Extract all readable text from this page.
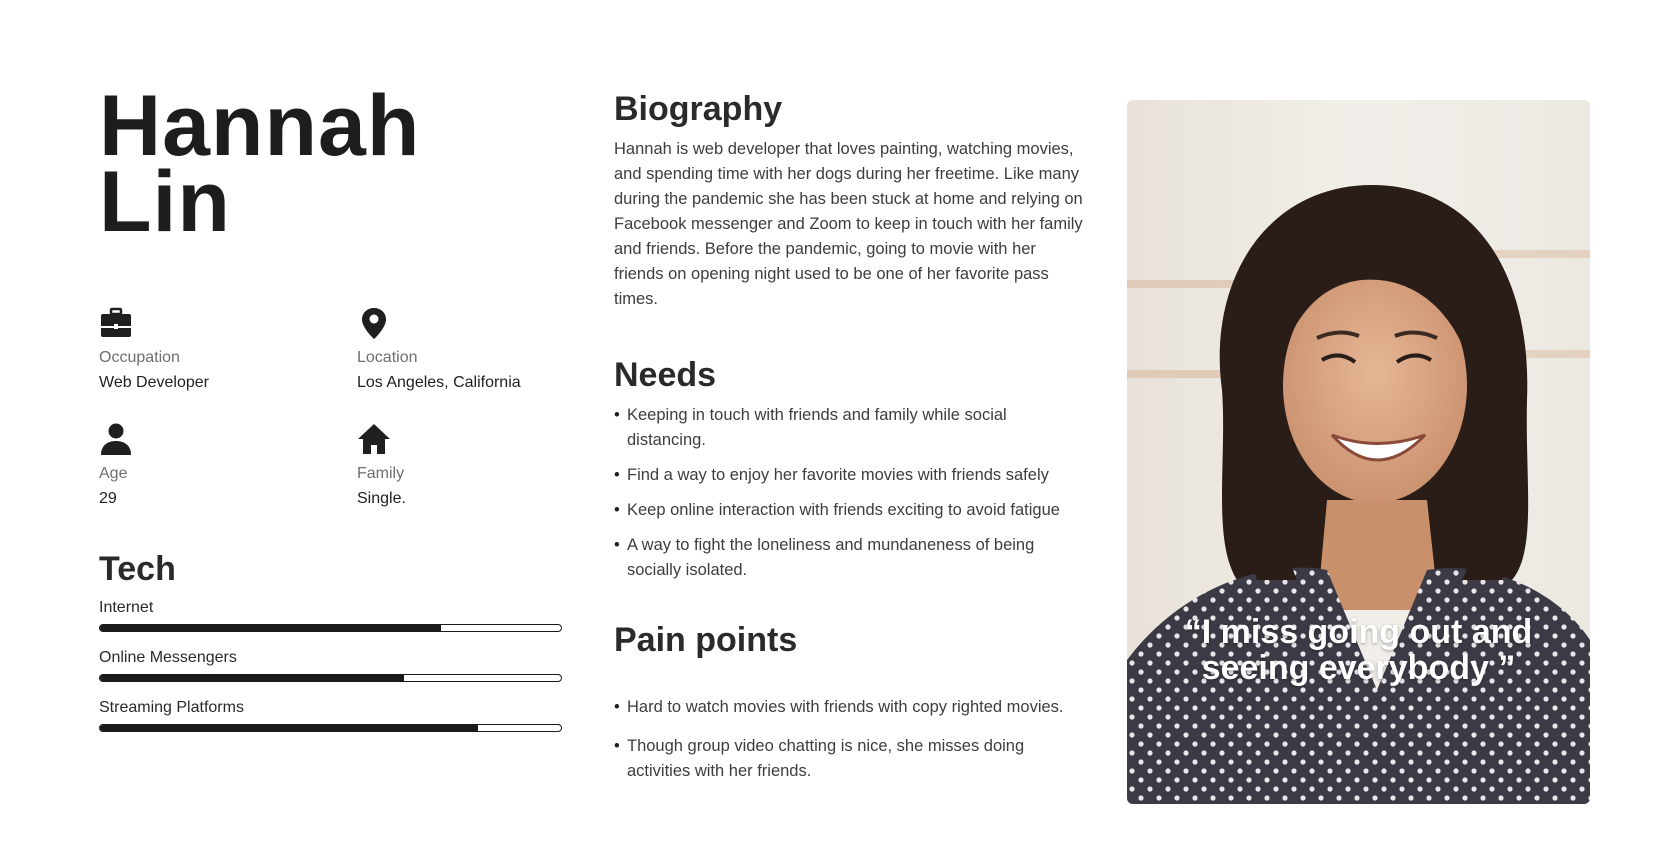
Hannah
Lin
Occupation
Web Developer
Location
Los Angeles, California
Age
29
Family
Single.
Tech
Internet
Online Messengers
Streaming Platforms
Biography

Hannah is web developer that loves painting, watching movies, and spending time with her dogs during her freetime. Like many during the pandemic she has been stuck at home and relying on Facebook messenger and Zoom to keep in touch with her family and friends. Before the pandemic, going to movie with her friends on opening night used to be one of her favorite pass times.

Needs
• Keeping in touch with friends and family while social distancing.
• Find a way to enjoy her favorite movies with friends safely
• Keep online interaction with friends exciting to avoid fatigue
• A way to fight the loneliness and mundaneness of being socially isolated.
Pain points
• Hard to watch movies with friends with copy righted movies.
• Though group video chatting is nice, she misses doing activities with her friends.
“I miss going out and seeing everybody ”
